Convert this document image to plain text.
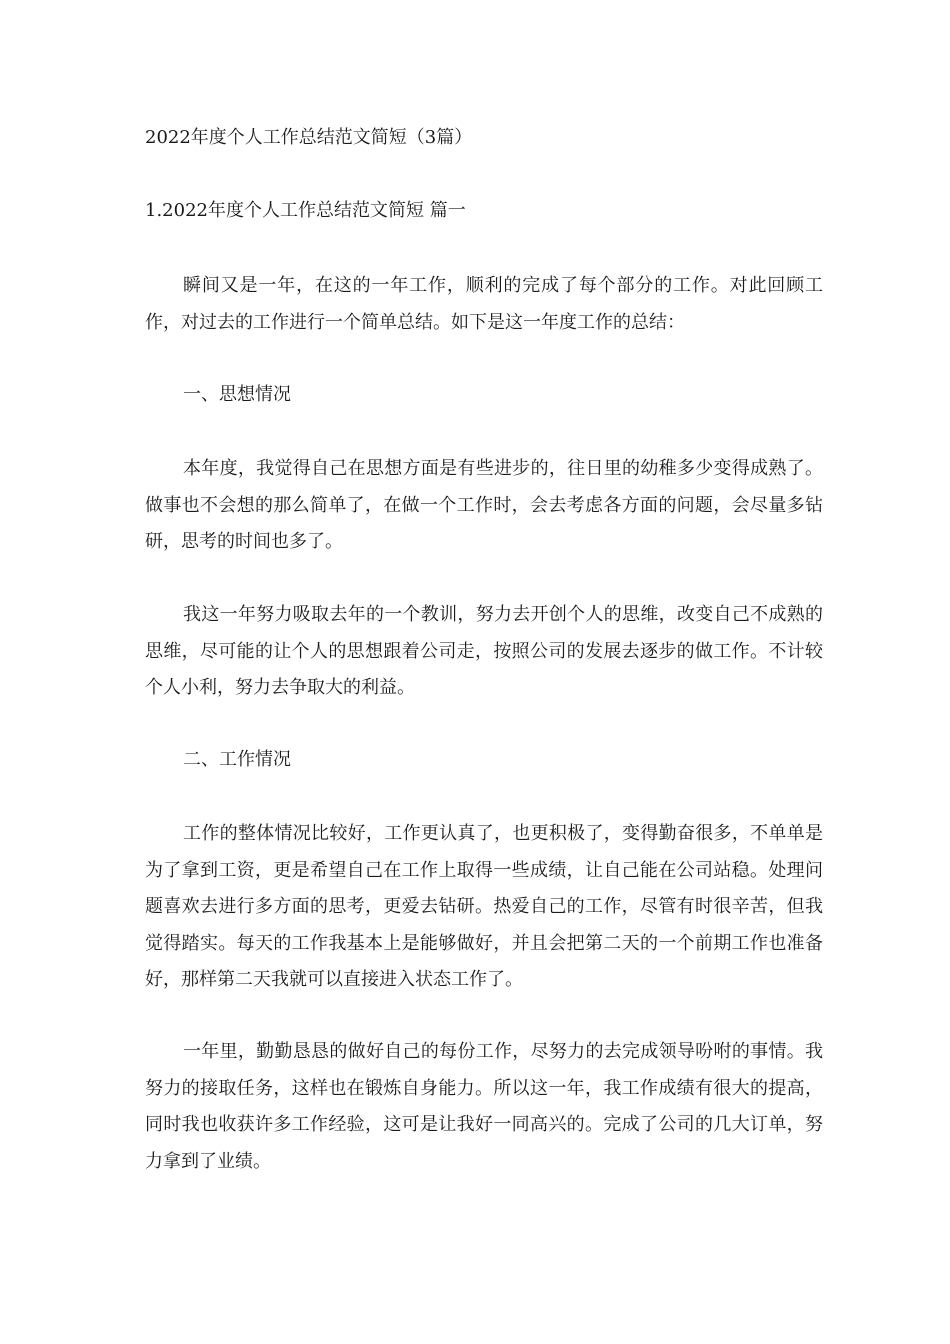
2022年度个人工作总结范文简短（3篇）
1.2022年度个人工作总结范文简短 篇一

瞬间又是一年，在这的一年工作，顺利的完成了每个部分的工作。对此回顾工作，对过去的工作进行一个简单总结。如下是这一年度工作的总结：

一、思想情况

本年度，我觉得自己在思想方面是有些进步的，往日里的幼稚多少变得成熟了。做事也不会想的那么简单了，在做一个工作时，会去考虑各方面的问题，会尽量多钻研，思考的时间也多了。

我这一年努力吸取去年的一个教训，努力去开创个人的思维，改变自己不成熟的思维，尽可能的让个人的思想跟着公司走，按照公司的发展去逐步的做工作。不计较个人小利，努力去争取大的利益。

二、工作情况

工作的整体情况比较好，工作更认真了，也更积极了，变得勤奋很多，不单单是为了拿到工资，更是希望自己在工作上取得一些成绩，让自己能在公司站稳。处理问题喜欢去进行多方面的思考，更爱去钻研。热爱自己的工作，尽管有时很辛苦，但我觉得踏实。每天的工作我基本上是能够做好，并且会把第二天的一个前期工作也准备好，那样第二天我就可以直接进入状态工作了。

一年里，勤勤恳恳的做好自己的每份工作，尽努力的去完成领导吩咐的事情。我努力的接取任务，这样也在锻炼自身能力。所以这一年，我工作成绩有很大的提高，同时我也收获许多工作经验，这可是让我好一同高兴的。完成了公司的几大订单，努力拿到了业绩。
